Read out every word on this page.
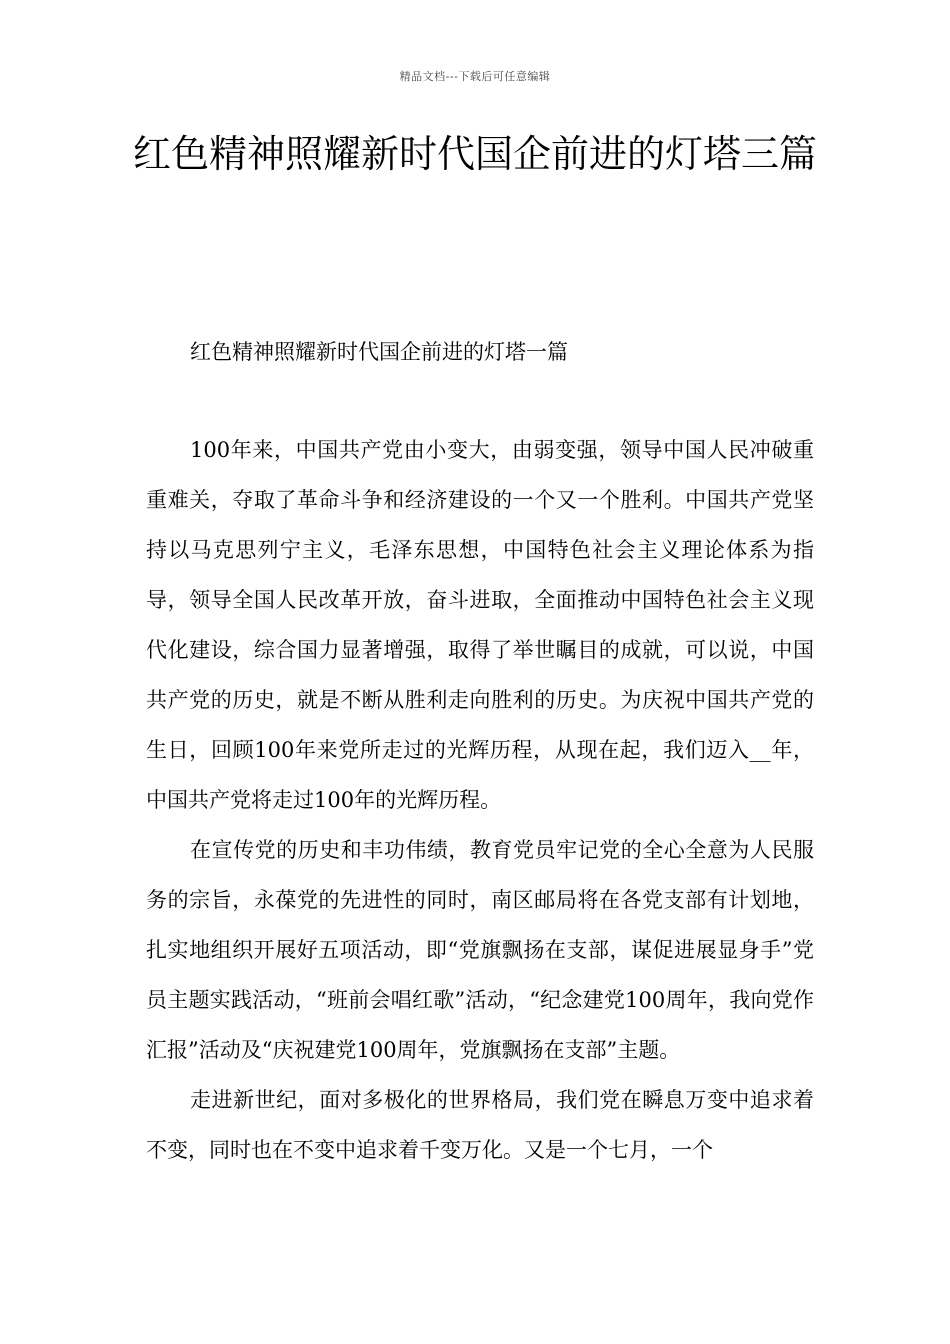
精品文档---下载后可任意编辑
红色精神照耀新时代国企前进的灯塔三篇
红色精神照耀新时代国企前进的灯塔一篇

100年来，中国共产党由小变大，由弱变强，领导中国人民冲破重重难关，夺取了革命斗争和经济建设的一个又一个胜利。中国共产党坚持以马克思列宁主义，毛泽东思想，中国特色社会主义理论体系为指导，领导全国人民改革开放，奋斗进取，全面推动中国特色社会主义现代化建设，综合国力显著增强，取得了举世瞩目的成就，可以说，中国共产党的历史，就是不断从胜利走向胜利的历史。为庆祝中国共产党的生日，回顾100年来党所走过的光辉历程，从现在起，我们迈入__年，中国共产党将走过100年的光辉历程。

在宣传党的历史和丰功伟绩，教育党员牢记党的全心全意为人民服务的宗旨，永葆党的先进性的同时，南区邮局将在各党支部有计划地，扎实地组织开展好五项活动，即“党旗飘扬在支部，谋促进展显身手”党员主题实践活动，“班前会唱红歌”活动，“纪念建党100周年，我向党作汇报”活动及“庆祝建党100周年，党旗飘扬在支部”主题。

走进新世纪，面对多极化的世界格局，我们党在瞬息万变中追求着不变，同时也在不变中追求着千变万化。又是一个七月，一个
